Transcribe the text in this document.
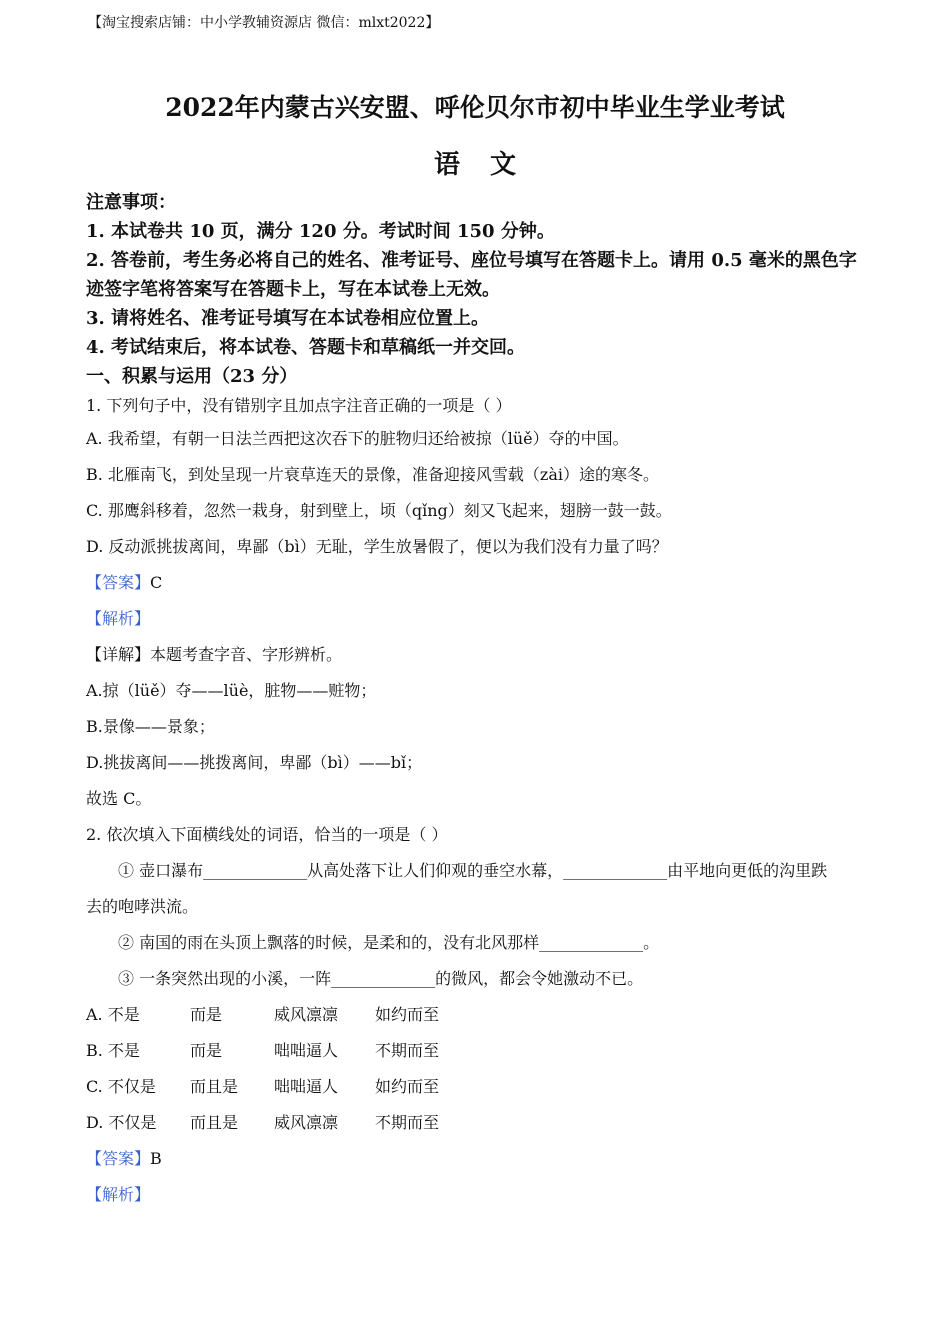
【淘宝搜索店铺：中小学教辅资源店 微信：mlxt2022】
2022年内蒙古兴安盟、呼伦贝尔市初中毕业生学业考试
语文
注意事项：
1. 本试卷共 10 页，满分 120 分。考试时间 150 分钟。
2. 答卷前，考生务必将自己的姓名、准考证号、座位号填写在答题卡上。请用 0.5 毫米的黑色字迹签字笔将答案写在答题卡上，写在本试卷上无效。
3. 请将姓名、准考证号填写在本试卷相应位置上。
4. 考试结束后，将本试卷、答题卡和草稿纸一并交回。
一、积累与运用（23 分）
1. 下列句子中，没有错别字且加点字注音正确的一项是（ ）
A. 我希望，有朝一日法兰西把这次吞下的脏物归还给被掠（lüě）夺的中国。
B. 北雁南飞，到处呈现一片衰草连天的景像，准备迎接风雪载（zài）途的寒冬。
C. 那鹰斜移着，忽然一栽身，射到壁上，顷（qǐng）刻又飞起来，翅膀一鼓一鼓。
D. 反动派挑拔离间，卑鄙（bì）无耻，学生放暑假了，便以为我们没有力量了吗？
【答案】C
【解析】
【详解】本题考查字音、字形辨析。
A.掠（lüě）夺——lüè，脏物——赃物；
B.景像——景象；
D.挑拔离间——挑拨离间，卑鄙（bì）——bǐ；
故选 C。
2. 依次填入下面横线处的词语，恰当的一项是（ ）
① 壶口瀑布_____________从高处落下让人们仰观的垂空水幕，_____________由平地向更低的沟里跌
去的咆哮洪流。
② 南国的雨在头顶上飘落的时候，是柔和的，没有北风那样_____________。
③ 一条突然出现的小溪，一阵_____________的微风，都会令她激动不已。
A. 不是	而是	威风凛凛 如约而至
B. 不是	而是	咄咄逼人 不期而至
C. 不仅是 而且是 咄咄逼人 如约而至
D. 不仅是 而且是 威风凛凛 不期而至
【答案】B
【解析】
